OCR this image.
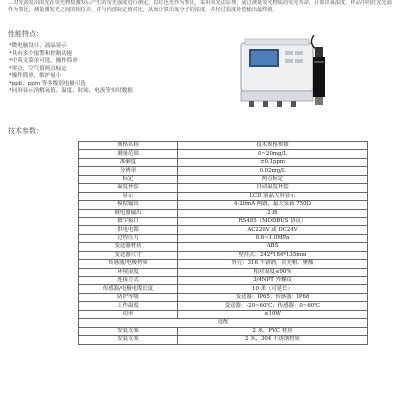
…对光源发出的光在荧光物质激发后产生的荧光强度进行测定，以红色光作为参比，采用荧光法原理，通过测量荧光物质的荧光寿命，计算出氧浓度。样品中的红光光源作为参比，测量激发光之间的相位差，并与内部标定值对比，从而计算出氧分子的浓度，并经过温度补偿输出最终值。
性能特点：
*微电脑设计、液晶显示
*具有多个报警和控制功能
*中英文菜单可选，操作简单
*零点、空气值两点标定
*操作简单，维护量小
*ppb、ppm 等多级别电极可选
*同屏显示溶解氧值、温度、时间、电流等实时数据
技术参数：
规格名称	技术规格参数
测量范围	0~20mg/L
准确度	±0.1ppm
分辨率	0.02mg/L
标定	两点标定
温度补偿	自动温度补偿
显示	LCD 液晶大屏显示
模拟输出	4-20mA 两路，最大负载 750Ω
继电器输出	2 路
数字接口	RS485（MODBUS 协议）
供电电源	AC220V 或 DC24V
过程压力	0.6~1.0MPa
变送器材质	ABS
变送器尺寸	壁挂式：242*184*135mm
传感器/电极材质	外壳：316 不锈钢，荧光帽：聚酯
环境湿度	相对湿度≤90%
连接方式	3/4NPT 外螺纹
传感器/电极电缆长度	10 米（可延长）
防护等级	变送器：IP65；传感器：IP68
工作温度	变送器：-20~60℃；传感器：0~60℃
功率	≤10W
选配	
安装支架	2 米，PVC 材质
安装支架	2 米，304 不锈钢材质
